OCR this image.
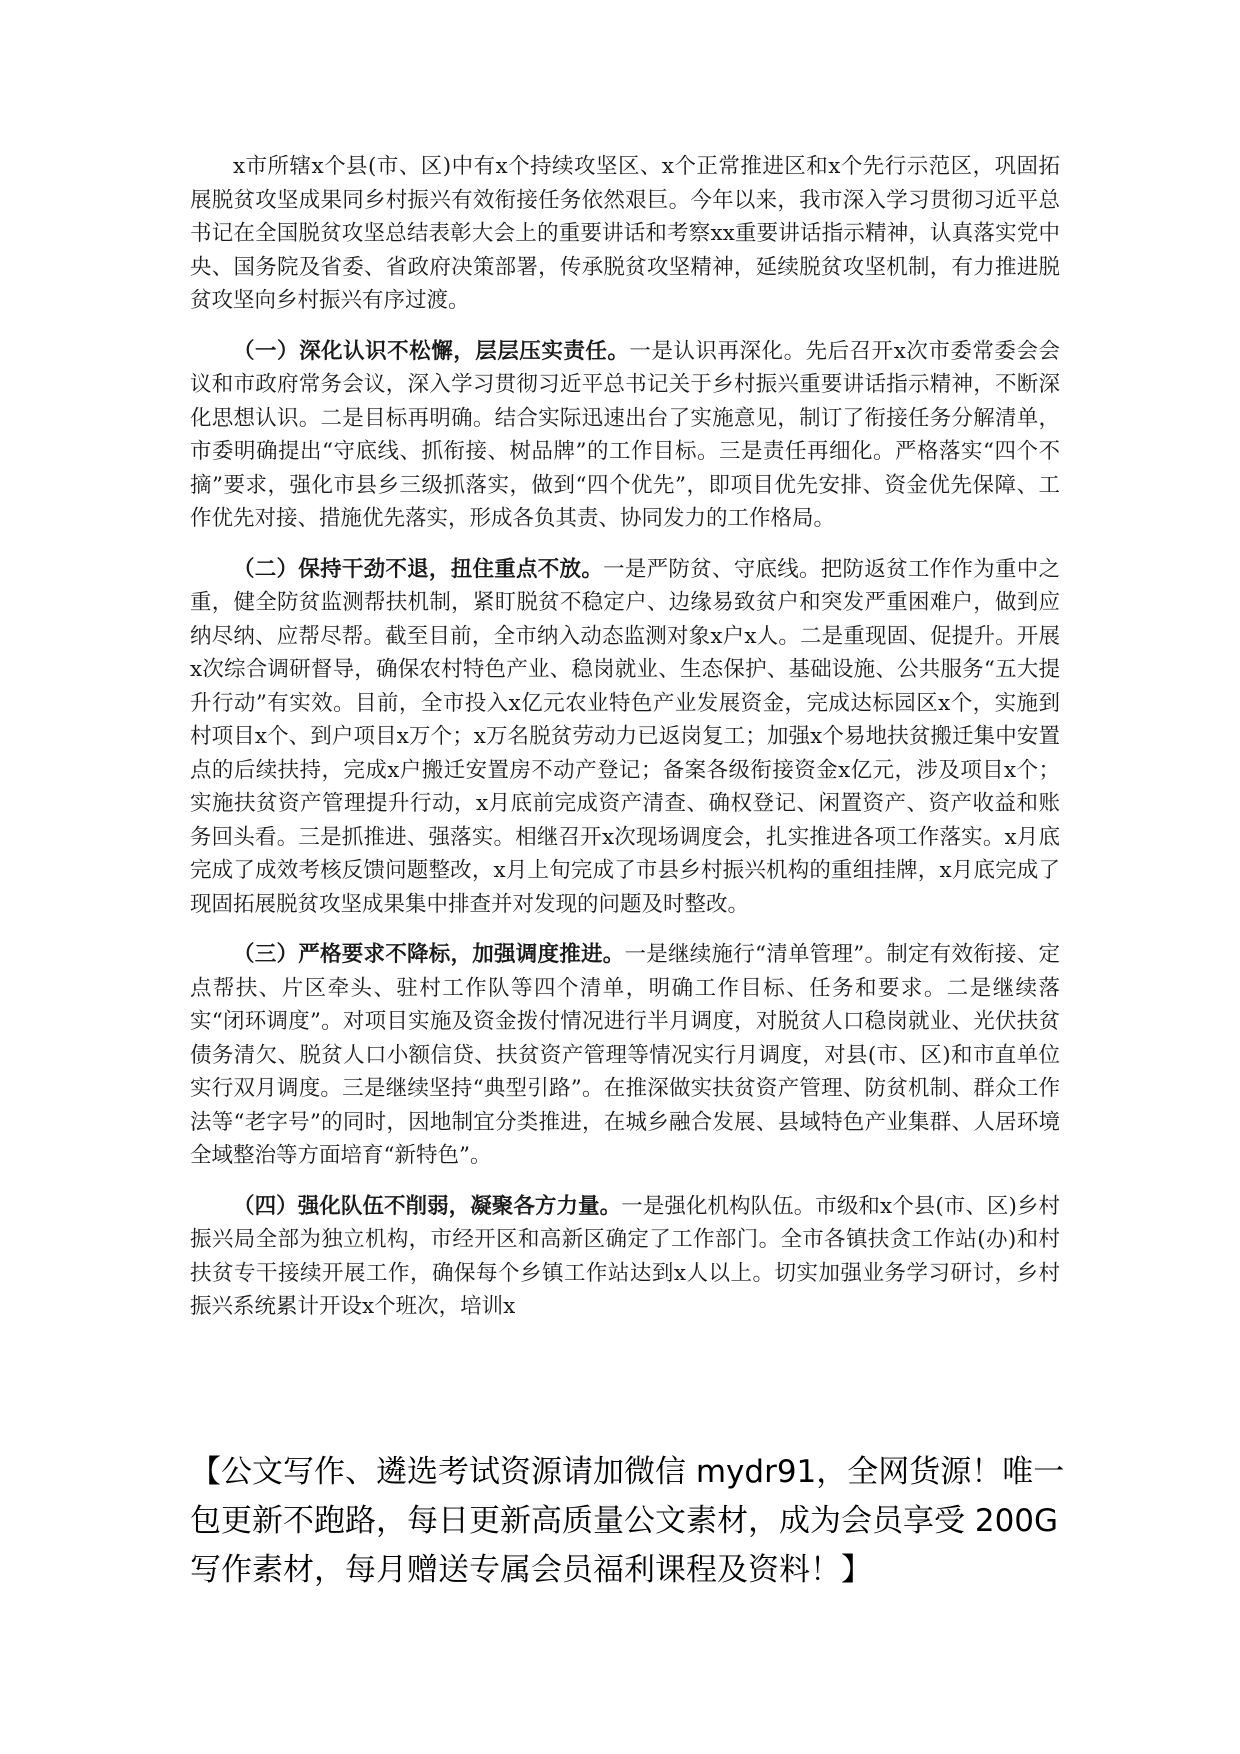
x市所辖x个县(市、区)中有x个持续攻坚区、x个正常推进区和x个先行示范区，巩固拓展脱贫攻坚成果同乡村振兴有效衔接任务依然艰巨。今年以来，我市深入学习贯彻习近平总书记在全国脱贫攻坚总结表彰大会上的重要讲话和考察xx重要讲话指示精神，认真落实党中央、国务院及省委、省政府决策部署，传承脱贫攻坚精神，延续脱贫攻坚机制，有力推进脱贫攻坚向乡村振兴有序过渡。

（一）深化认识不松懈，层层压实责任。一是认识再深化。先后召开x次市委常委会会议和市政府常务会议，深入学习贯彻习近平总书记关于乡村振兴重要讲话指示精神，不断深化思想认识。二是目标再明确。结合实际迅速出台了实施意见，制订了衔接任务分解清单，市委明确提出“守底线、抓衔接、树品牌”的工作目标。三是责任再细化。严格落实“四个不摘”要求，强化市县乡三级抓落实，做到“四个优先”，即项目优先安排、资金优先保障、工作优先对接、措施优先落实，形成各负其责、协同发力的工作格局。

（二）保持干劲不退，扭住重点不放。一是严防贫、守底线。把防返贫工作作为重中之重，健全防贫监测帮扶机制，紧盯脱贫不稳定户、边缘易致贫户和突发严重困难户，做到应纳尽纳、应帮尽帮。截至目前，全市纳入动态监测对象x户x人。二是重现固、促提升。开展x次综合调研督导，确保农村特色产业、稳岗就业、生态保护、基础设施、公共服务“五大提升行动”有实效。目前，全市投入x亿元农业特色产业发展资金，完成达标园区x个，实施到村项目x个、到户项目x万个；x万名脱贫劳动力已返岗复工；加强x个易地扶贫搬迁集中安置点的后续扶持，完成x户搬迁安置房不动产登记；备案各级衔接资金x亿元，涉及项目x个；实施扶贫资产管理提升行动，x月底前完成资产清查、确权登记、闲置资产、资产收益和账务回头看。三是抓推进、强落实。相继召开x次现场调度会，扎实推进各项工作落实。x月底完成了成效考核反馈问题整改，x月上旬完成了市县乡村振兴机构的重组挂牌，x月底完成了现固拓展脱贫攻坚成果集中排查并对发现的问题及时整改。

（三）严格要求不降标，加强调度推进。一是继续施行“清单管理”。制定有效衔接、定点帮扶、片区牵头、驻村工作队等四个清单，明确工作目标、任务和要求。二是继续落实“闭环调度”。对项目实施及资金拨付情况进行半月调度，对脱贫人口稳岗就业、光伏扶贫债务清欠、脱贫人口小额信贷、扶贫资产管理等情况实行月调度，对县(市、区)和市直单位实行双月调度。三是继续坚持“典型引路”。在推深做实扶贫资产管理、防贫机制、群众工作法等“老字号”的同时，因地制宜分类推进，在城乡融合发展、县域特色产业集群、人居环境全域整治等方面培育“新特色”。

（四）强化队伍不削弱，凝聚各方力量。一是强化机构队伍。市级和x个县(市、区)乡村振兴局全部为独立机构，市经开区和高新区确定了工作部门。全市各镇扶贪工作站(办)和村扶贫专干接续开展工作，确保每个乡镇工作站达到x人以上。切实加强业务学习研讨，乡村振兴系统累计开设x个班次，培训x

【公文写作、遴选考试资源请加微信 mydr91，全网货源！唯一包更新不跑路，每日更新高质量公文素材，成为会员享受 200G 写作素材，每月赠送专属会员福利课程及资料！】
